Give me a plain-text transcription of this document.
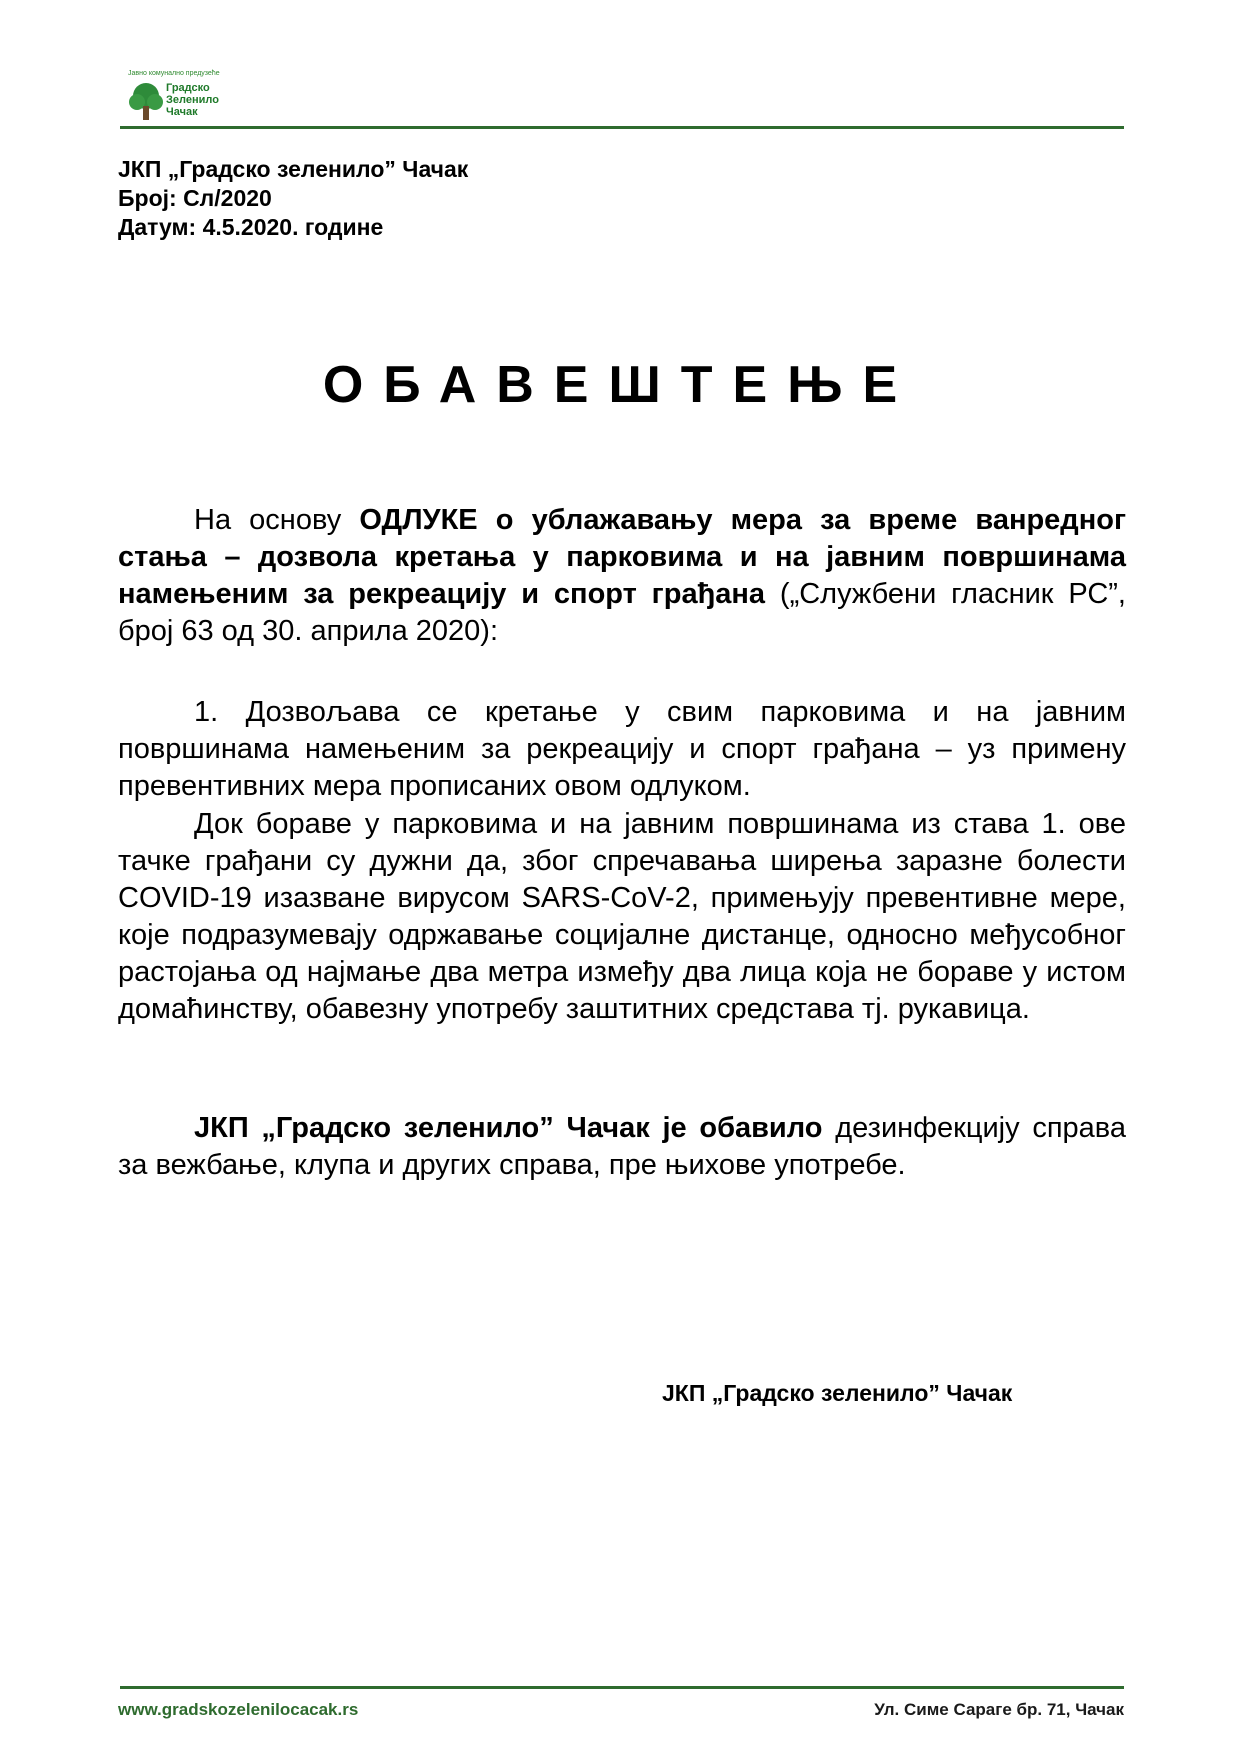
Јавно комунално предузеће
Градско
Зеленило
Чачак
ЈКП „Градско зеленило” Чачак
Број: Сл/2020
Датум: 4.5.2020. године
ОБАВЕШТЕЊЕ
На основу ОДЛУКЕ о ублажавању мера за време ванредног стања – дозвола кретања у парковима и на јавним површинама намењеним за рекреацију и спорт грађана („Службени гласник РС”, број 63 од 30. априла 2020):
1. Дозвољава се кретање у свим парковима и на јавним површинама намењеним за рекреацију и спорт грађана – уз примену превентивних мера прописаних овом одлуком.
Док бораве у парковима и на јавним површинама из става 1. ове тачке грађани су дужни да, због спречавања ширења заразне болести COVID-19 изазване вирусом SARS-CoV-2, примењују превентивне мере, које подразумевају одржавање социјалне дистанце, односно међусобног растојања од најмање два метра између два лица која не бораве у истом домаћинству, обавезну употребу заштитних средстава тј. рукавица.
ЈКП „Градско зеленило” Чачак је обавило дезинфекцију справа за вежбање, клупа и других справа, пре њихове употребе.
ЈКП „Градско зеленило” Чачак
www.gradskozelenilocacak.rs	Ул. Симе Сараге бр. 71, Чачак
